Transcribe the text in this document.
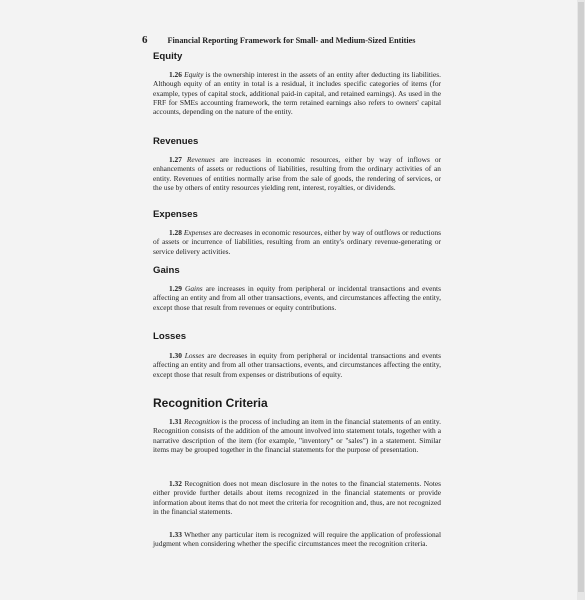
6 Financial Reporting Framework for Small- and Medium-Sized Entities
Equity

1.26 Equity is the ownership interest in the assets of an entity after deducting its liabilities. Although equity of an entity in total is a residual, it includes specific categories of items (for example, types of capital stock, additional paid-in capital, and retained earnings). As used in the FRF for SMEs accounting framework, the term retained earnings also refers to owners' capital accounts, depending on the nature of the entity.

Revenues

1.27 Revenues are increases in economic resources, either by way of inflows or enhancements of assets or reductions of liabilities, resulting from the ordinary activities of an entity. Revenues of entities normally arise from the sale of goods, the rendering of services, or the use by others of entity resources yielding rent, interest, royalties, or dividends.

Expenses

1.28 Expenses are decreases in economic resources, either by way of outflows or reductions of assets or incurrence of liabilities, resulting from an entity's ordinary revenue-generating or service delivery activities.

Gains

1.29 Gains are increases in equity from peripheral or incidental transactions and events affecting an entity and from all other transactions, events, and circumstances affecting the entity, except those that result from revenues or equity contributions.

Losses

1.30 Losses are decreases in equity from peripheral or incidental transactions and events affecting an entity and from all other transactions, events, and circumstances affecting the entity, except those that result from expenses or distributions of equity.

Recognition Criteria

1.31 Recognition is the process of including an item in the financial statements of an entity. Recognition consists of the addition of the amount involved into statement totals, together with a narrative description of the item (for example, "inventory" or "sales") in a statement. Similar items may be grouped together in the financial statements for the purpose of presentation.

1.32 Recognition does not mean disclosure in the notes to the financial statements. Notes either provide further details about items recognized in the financial statements or provide information about items that do not meet the criteria for recognition and, thus, are not recognized in the financial statements.

1.33 Whether any particular item is recognized will require the application of professional judgment when considering whether the specific circumstances meet the recognition criteria.
